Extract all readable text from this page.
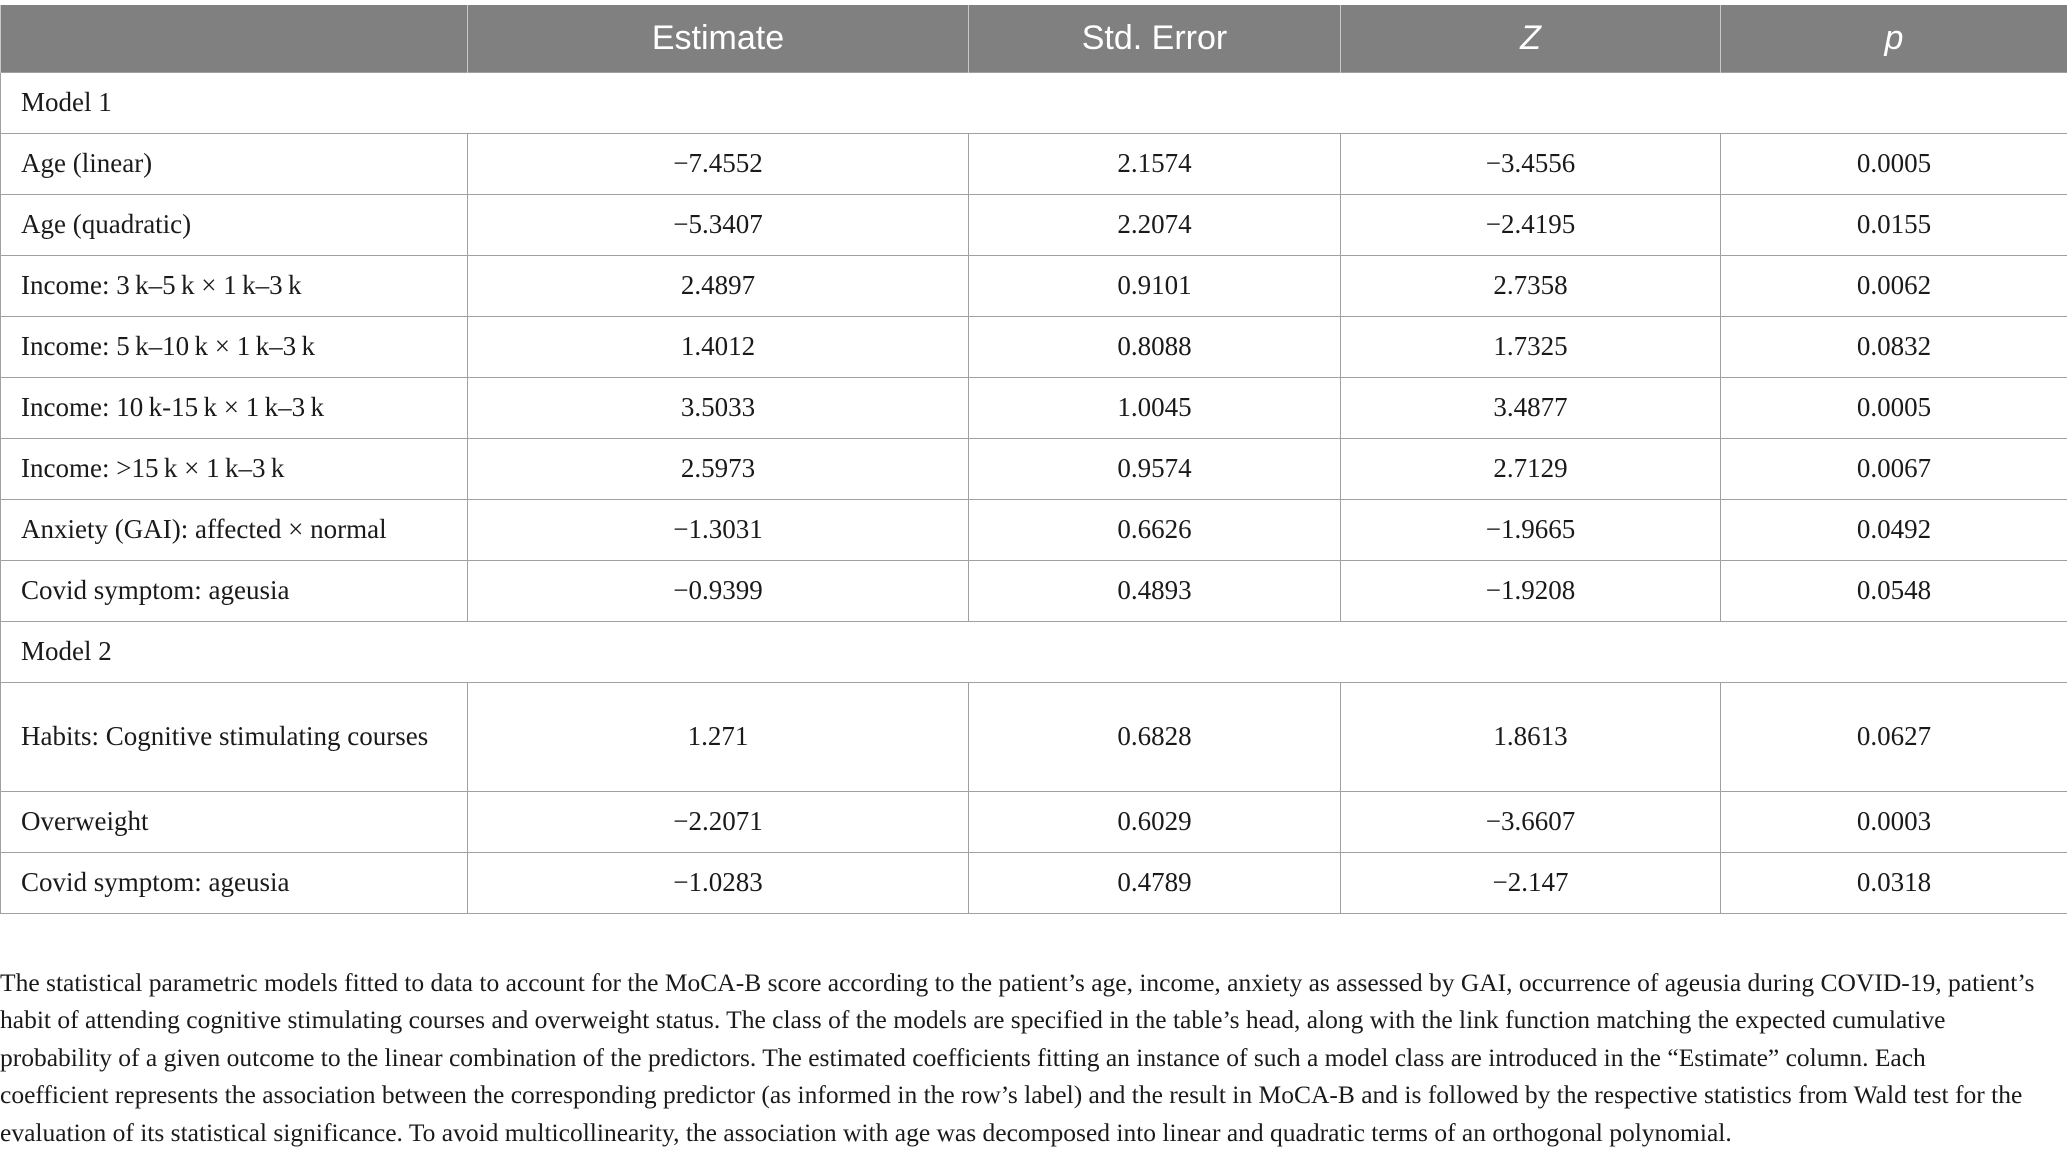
	Estimate	Std. Error	Z	p
Model 1				
Age (linear)	−7.4552	2.1574	−3.4556	0.0005
Age (quadratic)	−5.3407	2.2074	−2.4195	0.0155
Income: 3 k–5 k × 1 k–3 k	2.4897	0.9101	2.7358	0.0062
Income: 5 k–10 k × 1 k–3 k	1.4012	0.8088	1.7325	0.0832
Income: 10 k-15 k × 1 k–3 k	3.5033	1.0045	3.4877	0.0005
Income: >15 k × 1 k–3 k	2.5973	0.9574	2.7129	0.0067
Anxiety (GAI): affected × normal	−1.3031	0.6626	−1.9665	0.0492
Covid symptom: ageusia	−0.9399	0.4893	−1.9208	0.0548
Model 2				
Habits: Cognitive stimulating courses	1.271	0.6828	1.8613	0.0627
Overweight	−2.2071	0.6029	−3.6607	0.0003
Covid symptom: ageusia	−1.0283	0.4789	−2.147	0.0318

The statistical parametric models fitted to data to account for the MoCA-B score according to the patient’s age, income, anxiety as assessed by GAI, occurrence of ageusia during COVID-19, patient’s habit of attending cognitive stimulating courses and overweight status. The class of the models are specified in the table’s head, along with the link function matching the expected cumulative probability of a given outcome to the linear combination of the predictors. The estimated coefficients fitting an instance of such a model class are introduced in the “Estimate” column. Each coefficient represents the association between the corresponding predictor (as informed in the row’s label) and the result in MoCA-B and is followed by the respective statistics from Wald test for the evaluation of its statistical significance. To avoid multicollinearity, the association with age was decomposed into linear and quadratic terms of an orthogonal polynomial.
